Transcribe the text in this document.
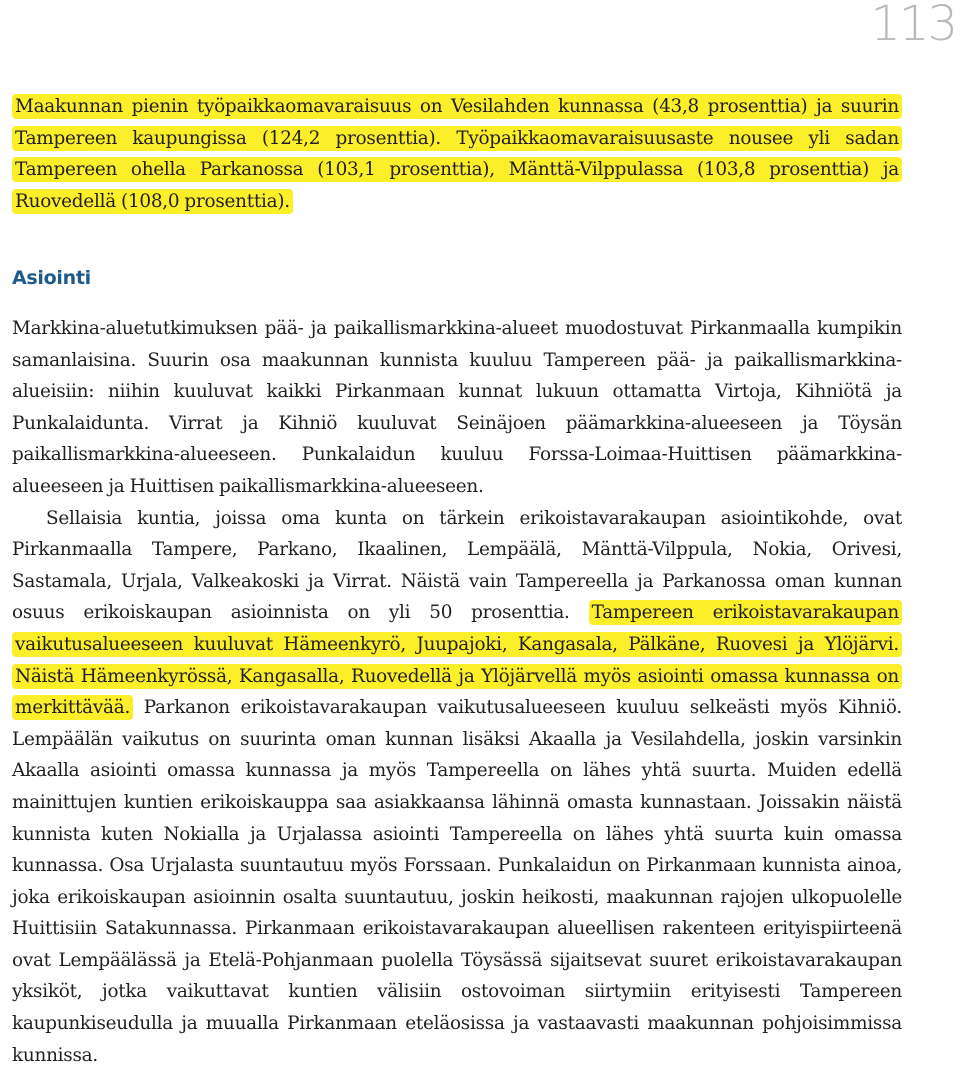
113
Maakunnan pienin työpaikkaomavaraisuus on Vesilahden kunnassa (43,8 prosenttia) ja suurin Tampereen kaupungissa (124,2 prosenttia). Työpaikkaomavaraisuusaste nousee yli sadan Tampereen ohella Parkanossa (103,1 prosenttia), Mänttä-Vilppulassa (103,8 prosenttia) ja Ruovedellä (108,0 prosenttia).
Asiointi
Markkina-aluetutkimuksen pää- ja paikallismarkkina-alueet muodostuvat Pirkanmaalla kumpikin samanlaisina. Suurin osa maakunnan kunnista kuuluu Tampereen pää- ja paikallismarkkina-alueisiin: niihin kuuluvat kaikki Pirkanmaan kunnat lukuun ottamatta Virtoja, Kihniötä ja Punkalaidunta. Virrat ja Kihniö kuuluvat Seinäjoen päämarkkina-alueeseen ja Töysän paikallismarkkina-alueeseen. Punkalaidun kuuluu Forssa-Loimaa-Huittisen päämarkkina-alueeseen ja Huittisen paikallismarkkina-alueeseen.
Sellaisia kuntia, joissa oma kunta on tärkein erikoistavarakaupan asiointikohde, ovat Pirkanmaalla Tampere, Parkano, Ikaalinen, Lempäälä, Mänttä-Vilppula, Nokia, Orivesi, Sastamala, Urjala, Valkeakoski ja Virrat. Näistä vain Tampereella ja Parkanossa oman kunnan osuus erikoiskaupan asioinnista on yli 50 prosenttia. Tampereen erikoistavarakaupan vaikutusalueeseen kuuluvat Hämeenkyrö, Juupajoki, Kangasala, Pälkäne, Ruovesi ja Ylöjärvi. Näistä Hämeenkyrössä, Kangasalla, Ruovedellä ja Ylöjärvellä myös asiointi omassa kunnassa on merkittävää. Parkanon erikoistavarakaupan vaikutusalueeseen kuuluu selkeästi myös Kihniö. Lempäälän vaikutus on suurinta oman kunnan lisäksi Akaalla ja Vesilahdella, joskin varsinkin Akaalla asiointi omassa kunnassa ja myös Tampereella on lähes yhtä suurta. Muiden edellä mainittujen kuntien erikoiskauppa saa asiakkaansa lähinnä omasta kunnastaan. Joissakin näistä kunnista kuten Nokialla ja Urjalassa asiointi Tampereella on lähes yhtä suurta kuin omassa kunnassa. Osa Urjalasta suuntautuu myös Forssaan. Punkalaidun on Pirkanmaan kunnista ainoa, joka erikoiskaupan asioinnin osalta suuntautuu, joskin heikosti, maakunnan rajojen ulkopuolelle Huittisiin Satakunnassa. Pirkanmaan erikoistavarakaupan alueellisen rakenteen erityispiirteenä ovat Lempäälässä ja Etelä-Pohjanmaan puolella Töysässä sijaitsevat suuret erikoistavarakaupan yksiköt, jotka vaikuttavat kuntien välisiin ostovoiman siirtymiin erityisesti Tampereen kaupunkiseudulla ja muualla Pirkanmaan eteläosissa ja vastaavasti maakunnan pohjoisimmissa kunnissa.
